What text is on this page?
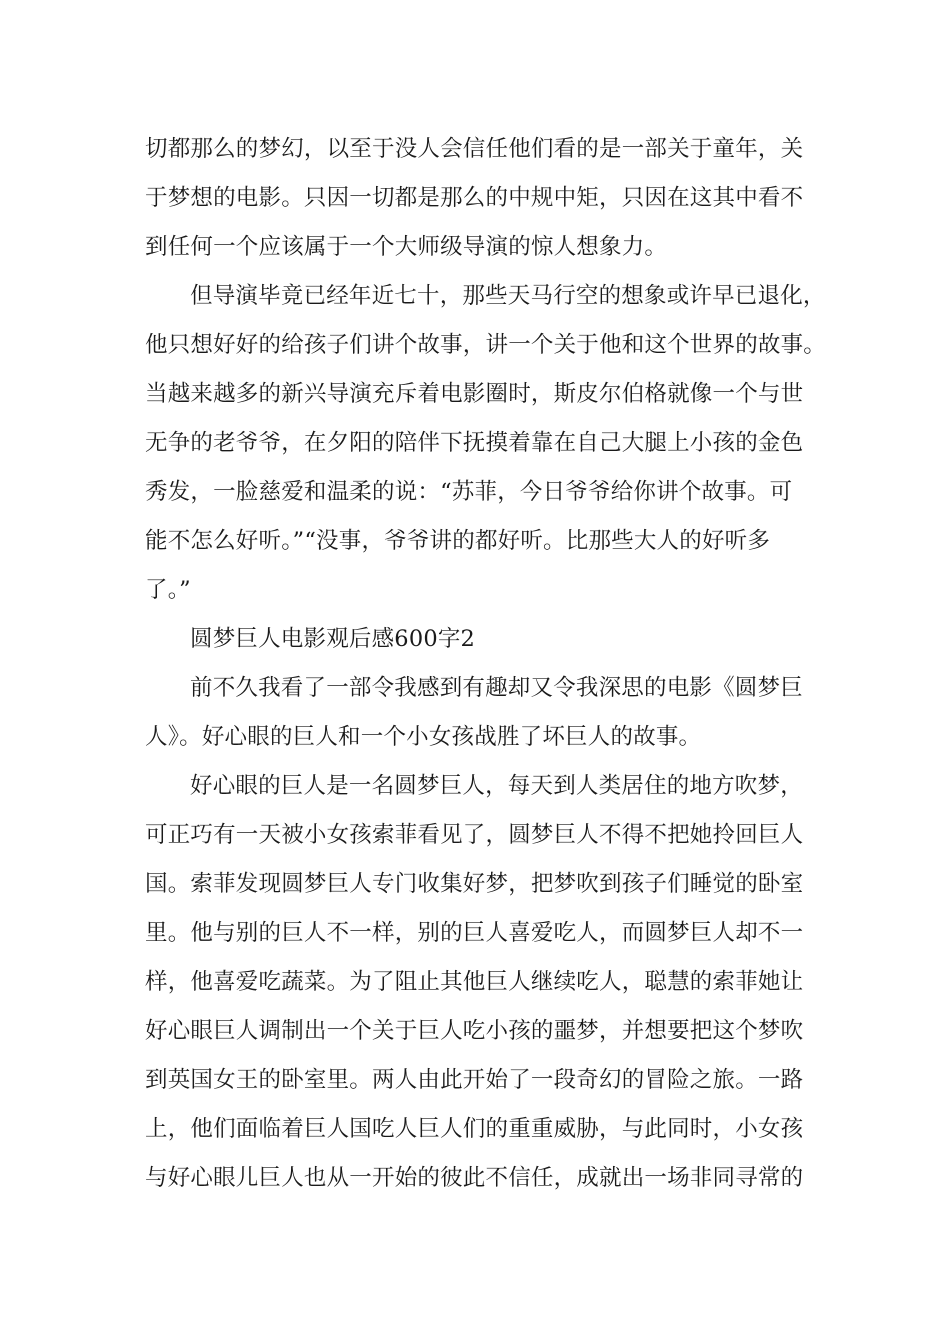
切都那么的梦幻，以至于没人会信任他们看的是一部关于童年，关
于梦想的电影。只因一切都是那么的中规中矩，只因在这其中看不
到任何一个应该属于一个大师级导演的惊人想象力。
但导演毕竟已经年近七十，那些天马行空的想象或许早已退化，
他只想好好的给孩子们讲个故事，讲一个关于他和这个世界的故事。
当越来越多的新兴导演充斥着电影圈时，斯皮尔伯格就像一个与世
无争的老爷爷，在夕阳的陪伴下抚摸着靠在自己大腿上小孩的金色
秀发，一脸慈爱和温柔的说：“苏菲，今日爷爷给你讲个故事。可
能不怎么好听。”“没事，爷爷讲的都好听。比那些大人的好听多
了。”
圆梦巨人电影观后感600字2
前不久我看了一部令我感到有趣却又令我深思的电影《圆梦巨
人》。好心眼的巨人和一个小女孩战胜了坏巨人的故事。
好心眼的巨人是一名圆梦巨人，每天到人类居住的地方吹梦，
可正巧有一天被小女孩索菲看见了，圆梦巨人不得不把她拎回巨人
国。索菲发现圆梦巨人专门收集好梦，把梦吹到孩子们睡觉的卧室
里。他与别的巨人不一样，别的巨人喜爱吃人，而圆梦巨人却不一
样，他喜爱吃蔬菜。为了阻止其他巨人继续吃人，聪慧的索菲她让
好心眼巨人调制出一个关于巨人吃小孩的噩梦，并想要把这个梦吹
到英国女王的卧室里。两人由此开始了一段奇幻的冒险之旅。一路
上，他们面临着巨人国吃人巨人们的重重威胁，与此同时，小女孩
与好心眼儿巨人也从一开始的彼此不信任，成就出一场非同寻常的
